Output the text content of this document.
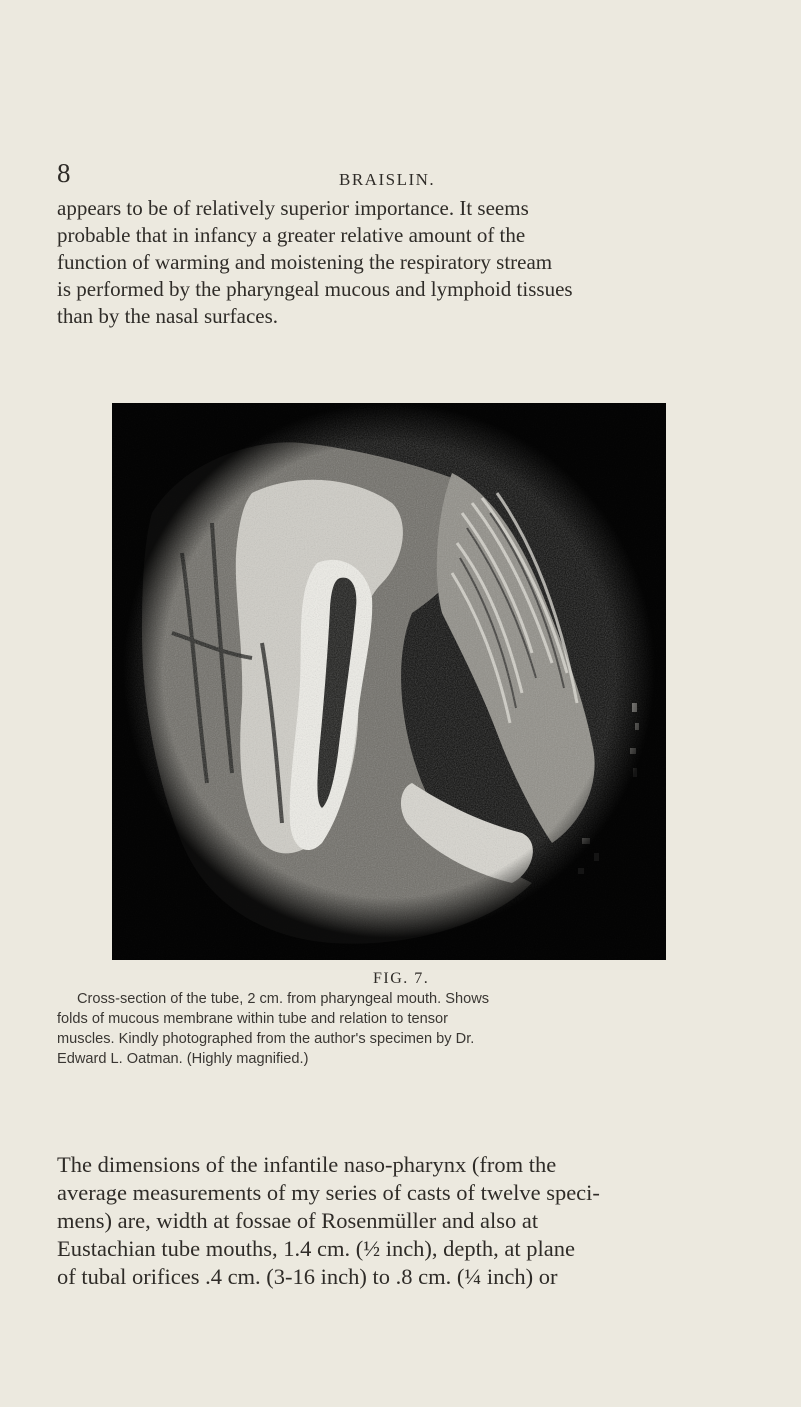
8	BRAISLIN.

appears to be of relatively superior importance. It seems
probable that in infancy a greater relative amount of the
function of warming and moistening the respiratory stream
is performed by the pharyngeal mucous and lymphoid tissues
than by the nasal surfaces.

FIG. 7.

Cross-section of the tube, 2 cm. from pharyngeal mouth. Shows
folds of mucous membrane within tube and relation to tensor
muscles. Kindly photographed from the author's specimen by Dr.
Edward L. Oatman. (Highly magnified.)

The dimensions of the infantile naso-pharynx (from the
average measurements of my series of casts of twelve speci-
mens) are, width at fossae of Rosenmüller and also at
Eustachian tube mouths, 1.4 cm. (½ inch), depth, at plane
of tubal orifices .4 cm. (3-16 inch) to .8 cm. (¼ inch) or
